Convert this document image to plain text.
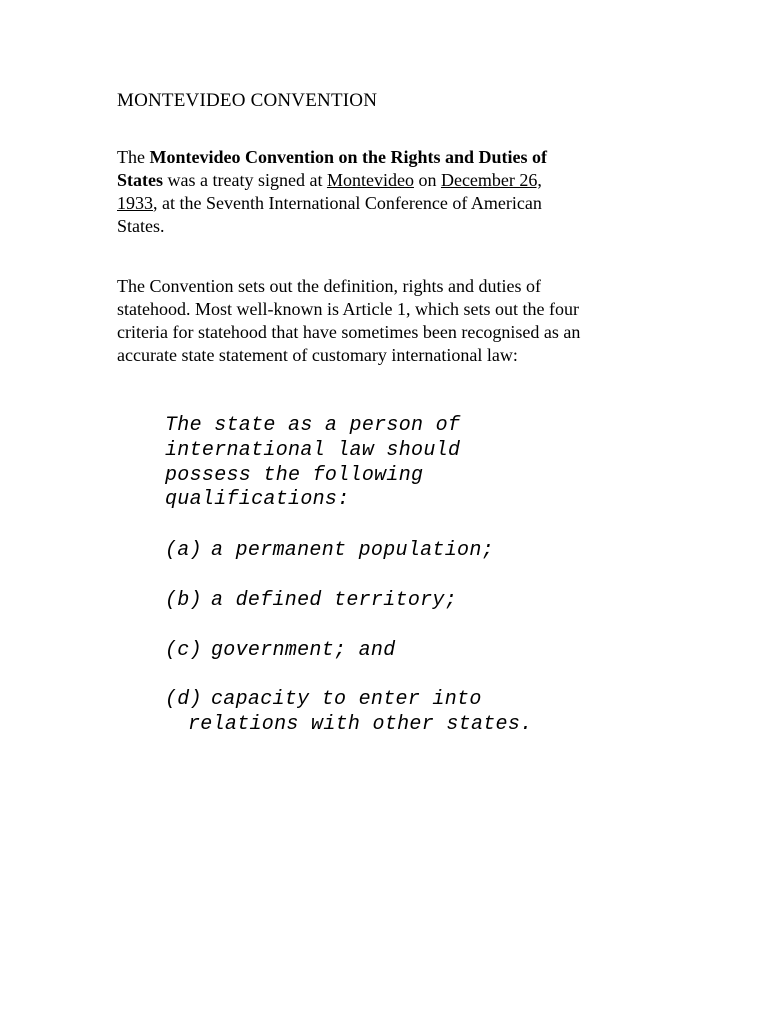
MONTEVIDEO CONVENTION
The Montevideo Convention on the Rights and Duties of
States was a treaty signed at Montevideo on December 26,
1933, at the Seventh International Conference of American
States.
The Convention sets out the definition, rights and duties of
statehood. Most well-known is Article 1, which sets out the four
criteria for statehood that have sometimes been recognised as an
accurate state statement of customary international law:
The state as a person of
international law should
possess the following
qualifications:
(a) a permanent population;
(b) a defined territory;
(c) government; and
(d) capacity to enter into
relations with other states.
